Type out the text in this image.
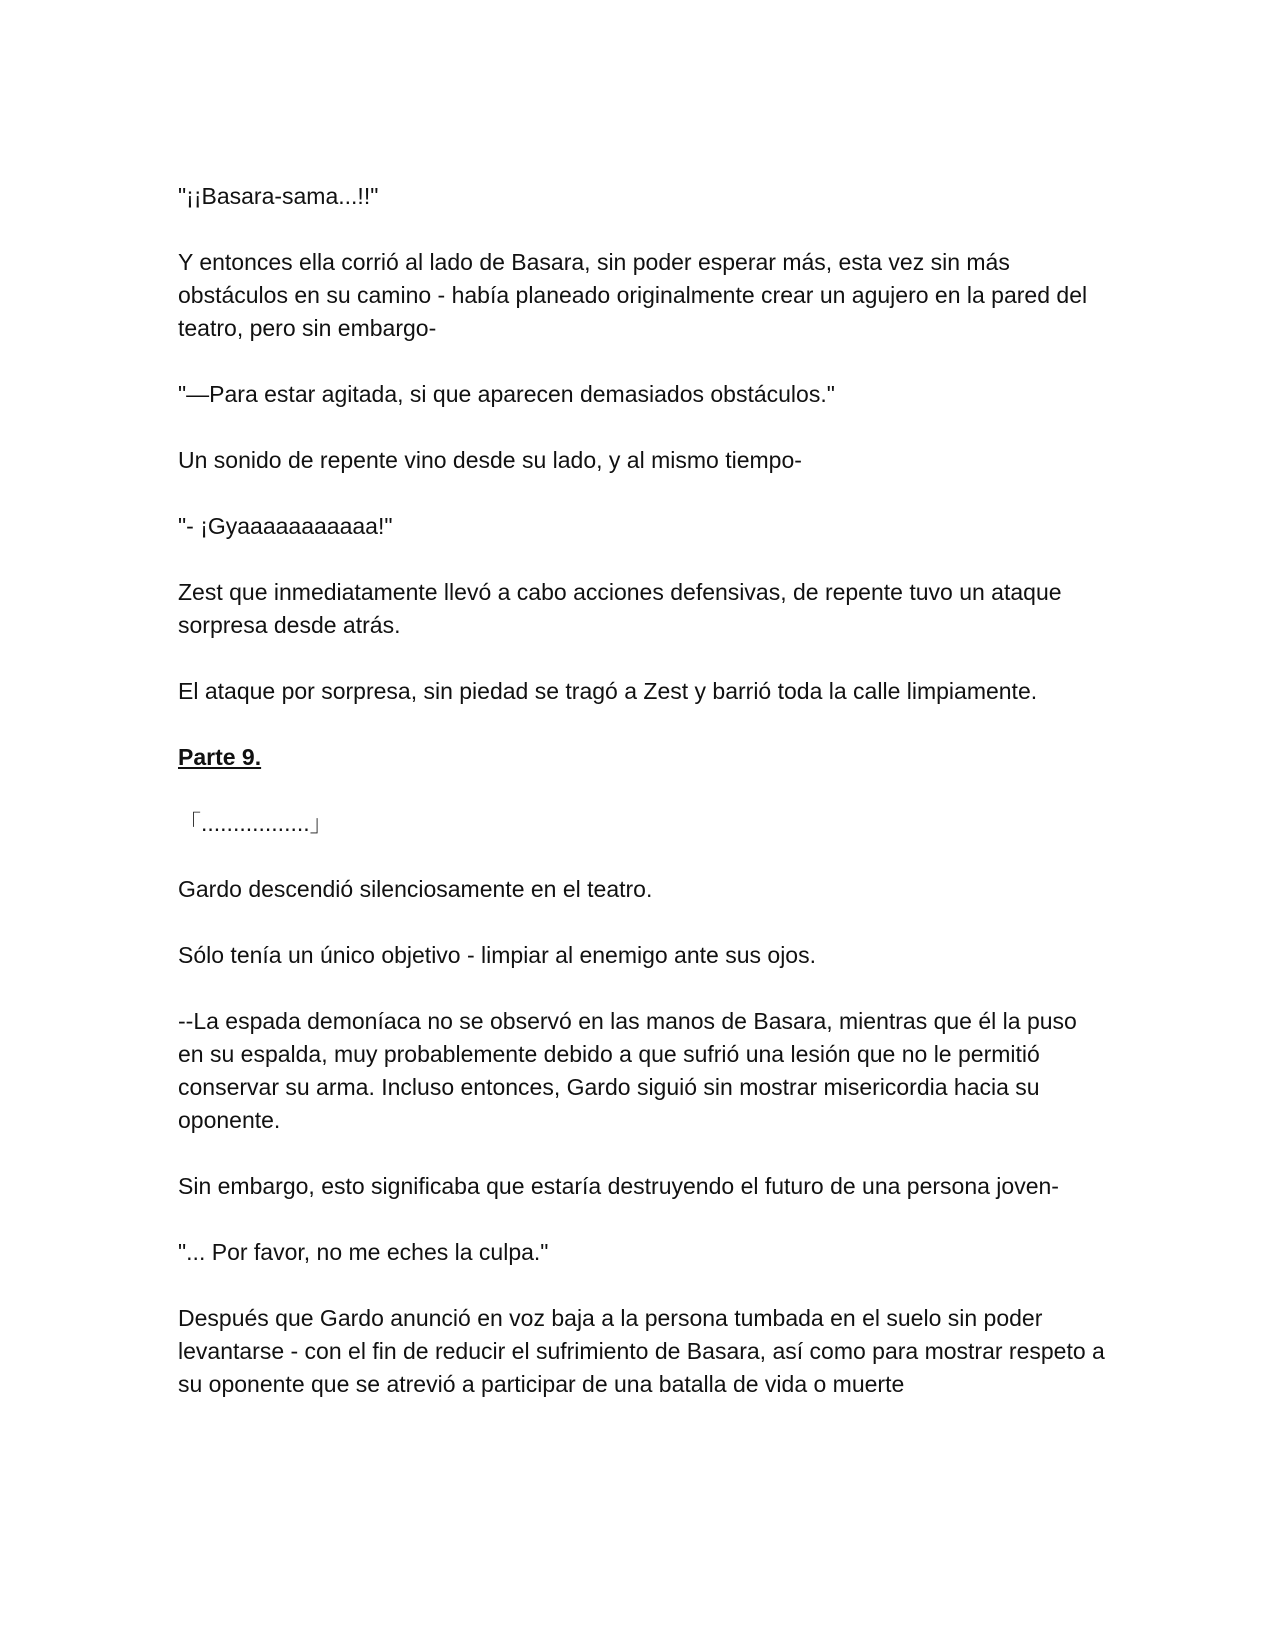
"¡¡Basara-sama...!!"

Y entonces ella corrió al lado de Basara, sin poder esperar más, esta vez sin más obstáculos en su camino - había planeado originalmente crear un agujero en la pared del teatro, pero sin embargo-

"—Para estar agitada, si que aparecen demasiados obstáculos."

Un sonido de repente vino desde su lado, y al mismo tiempo-

"- ¡Gyaaaaaaaaaaa!"

Zest que inmediatamente llevó a cabo acciones defensivas, de repente tuvo un ataque sorpresa desde atrás.

El ataque por sorpresa, sin piedad se tragó a Zest y barrió toda la calle limpiamente.

Parte 9.

「.................」

Gardo descendió silenciosamente en el teatro.

Sólo tenía un único objetivo - limpiar al enemigo ante sus ojos.

--La espada demoníaca no se observó en las manos de Basara, mientras que él la puso en su espalda, muy probablemente debido a que sufrió una lesión que no le permitió conservar su arma. Incluso entonces, Gardo siguió sin mostrar misericordia hacia su oponente.

Sin embargo, esto significaba que estaría destruyendo el futuro de una persona joven-

"... Por favor, no me eches la culpa."

Después que Gardo anunció en voz baja a la persona tumbada en el suelo sin poder levantarse - con el fin de reducir el sufrimiento de Basara, así como para mostrar respeto a su oponente que se atrevió a participar de una batalla de vida o muerte
